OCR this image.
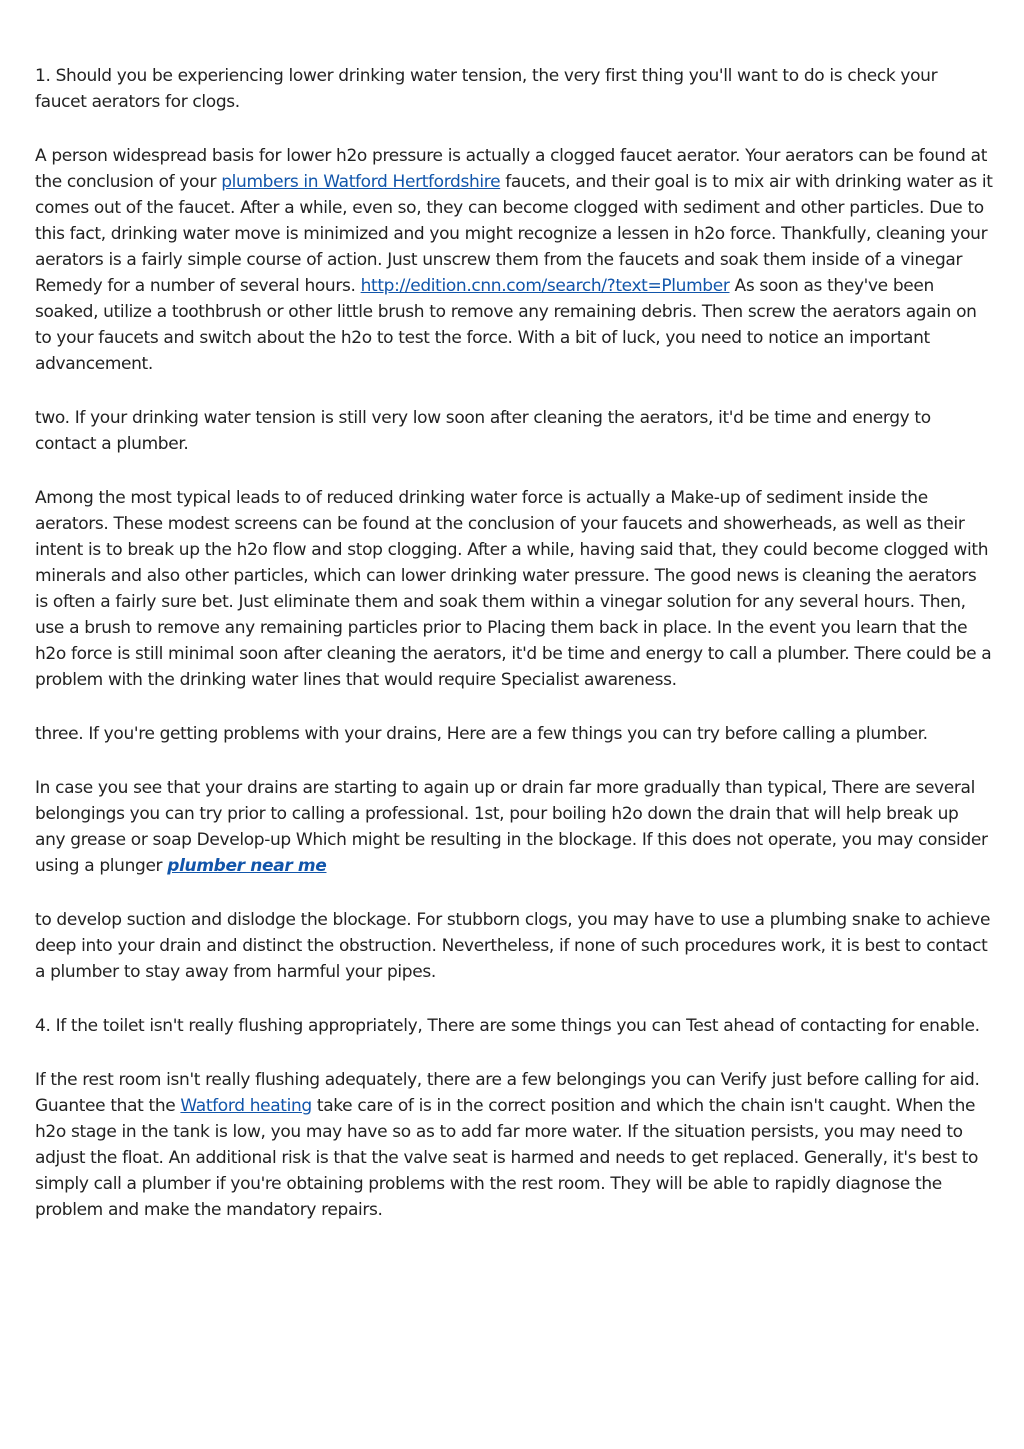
1. Should you be experiencing lower drinking water tension, the very first thing you'll want to do is check your faucet aerators for clogs.

A person widespread basis for lower h2o pressure is actually a clogged faucet aerator. Your aerators can be found at the conclusion of your plumbers in Watford Hertfordshire faucets, and their goal is to mix air with drinking water as it comes out of the faucet. After a while, even so, they can become clogged with sediment and other particles. Due to this fact, drinking water move is minimized and you might recognize a lessen in h2o force. Thankfully, cleaning your aerators is a fairly simple course of action. Just unscrew them from the faucets and soak them inside of a vinegar Remedy for a number of several hours. http://edition.cnn.com/search/?text=Plumber As soon as they've been soaked, utilize a toothbrush or other little brush to remove any remaining debris. Then screw the aerators again on to your faucets and switch about the h2o to test the force. With a bit of luck, you need to notice an important advancement.

two. If your drinking water tension is still very low soon after cleaning the aerators, it'd be time and energy to contact a plumber.

Among the most typical leads to of reduced drinking water force is actually a Make-up of sediment inside the aerators. These modest screens can be found at the conclusion of your faucets and showerheads, as well as their intent is to break up the h2o flow and stop clogging. After a while, having said that, they could become clogged with minerals and also other particles, which can lower drinking water pressure. The good news is cleaning the aerators is often a fairly sure bet. Just eliminate them and soak them within a vinegar solution for any several hours. Then, use a brush to remove any remaining particles prior to Placing them back in place. In the event you learn that the h2o force is still minimal soon after cleaning the aerators, it'd be time and energy to call a plumber. There could be a problem with the drinking water lines that would require Specialist awareness.

three. If you're getting problems with your drains, Here are a few things you can try before calling a plumber.

In case you see that your drains are starting to again up or drain far more gradually than typical, There are several belongings you can try prior to calling a professional. 1st, pour boiling h2o down the drain that will help break up any grease or soap Develop-up Which might be resulting in the blockage. If this does not operate, you may consider using a plunger plumber near me

to develop suction and dislodge the blockage. For stubborn clogs, you may have to use a plumbing snake to achieve deep into your drain and distinct the obstruction. Nevertheless, if none of such procedures work, it is best to contact a plumber to stay away from harmful your pipes.

4. If the toilet isn't really flushing appropriately, There are some things you can Test ahead of contacting for enable.

If the rest room isn't really flushing adequately, there are a few belongings you can Verify just before calling for aid. Guantee that the Watford heating take care of is in the correct position and which the chain isn't caught. When the h2o stage in the tank is low, you may have so as to add far more water. If the situation persists, you may need to adjust the float. An additional risk is that the valve seat is harmed and needs to get replaced. Generally, it's best to simply call a plumber if you're obtaining problems with the rest room. They will be able to rapidly diagnose the problem and make the mandatory repairs.
